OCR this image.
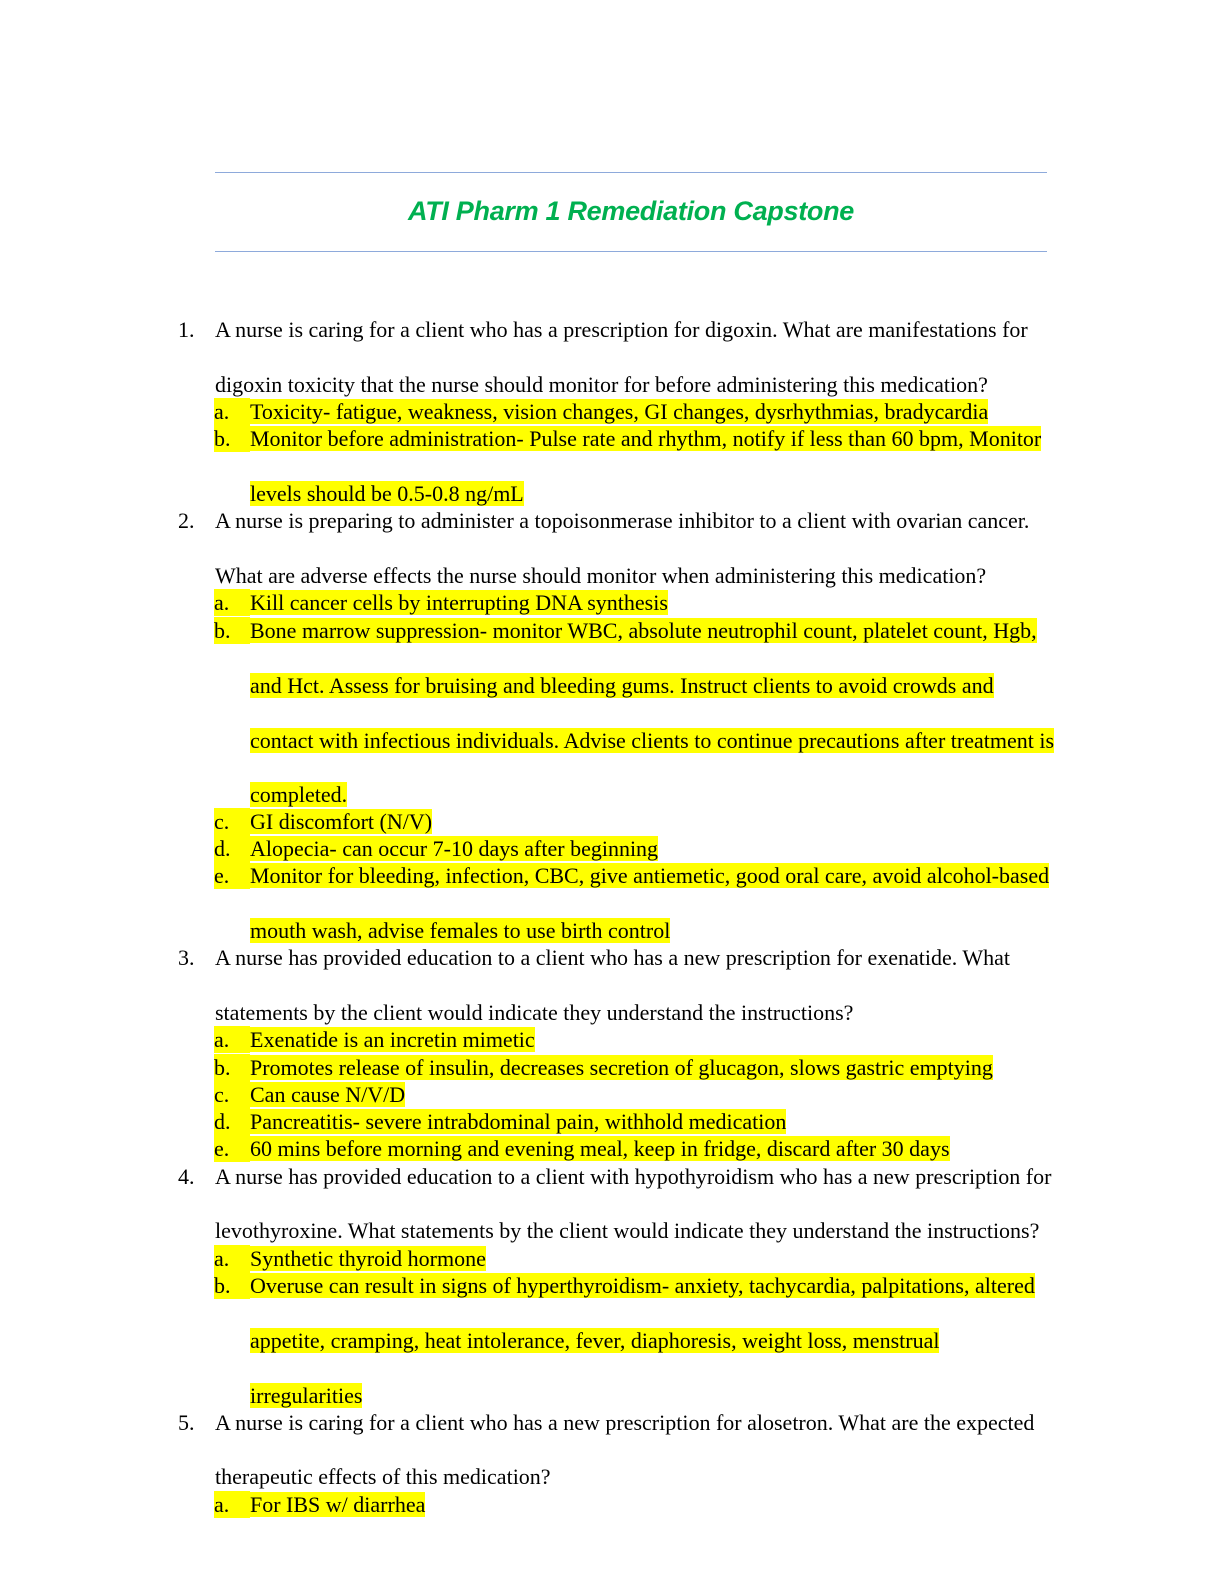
ATI Pharm 1 Remediation Capstone
1. A nurse is caring for a client who has a prescription for digoxin. What are manifestations for
digoxin toxicity that the nurse should monitor for before administering this medication?
a. Toxicity- fatigue, weakness, vision changes, GI changes, dysrhythmias, bradycardia
b. Monitor before administration- Pulse rate and rhythm, notify if less than 60 bpm, Monitor
levels should be 0.5-0.8 ng/mL
2. A nurse is preparing to administer a topoisonmerase inhibitor to a client with ovarian cancer.
What are adverse effects the nurse should monitor when administering this medication?
a. Kill cancer cells by interrupting DNA synthesis
b. Bone marrow suppression- monitor WBC, absolute neutrophil count, platelet count, Hgb,
and Hct. Assess for bruising and bleeding gums. Instruct clients to avoid crowds and
contact with infectious individuals. Advise clients to continue precautions after treatment is
completed.
c. GI discomfort (N/V)
d. Alopecia- can occur 7-10 days after beginning
e. Monitor for bleeding, infection, CBC, give antiemetic, good oral care, avoid alcohol-based
mouth wash, advise females to use birth control
3. A nurse has provided education to a client who has a new prescription for exenatide. What
statements by the client would indicate they understand the instructions?
a. Exenatide is an incretin mimetic
b. Promotes release of insulin, decreases secretion of glucagon, slows gastric emptying
c. Can cause N/V/D
d. Pancreatitis- severe intrabdominal pain, withhold medication
e. 60 mins before morning and evening meal, keep in fridge, discard after 30 days
4. A nurse has provided education to a client with hypothyroidism who has a new prescription for
levothyroxine. What statements by the client would indicate they understand the instructions?
a. Synthetic thyroid hormone
b. Overuse can result in signs of hyperthyroidism- anxiety, tachycardia, palpitations, altered
appetite, cramping, heat intolerance, fever, diaphoresis, weight loss, menstrual
irregularities
5. A nurse is caring for a client who has a new prescription for alosetron. What are the expected
therapeutic effects of this medication?
a. For IBS w/ diarrhea
